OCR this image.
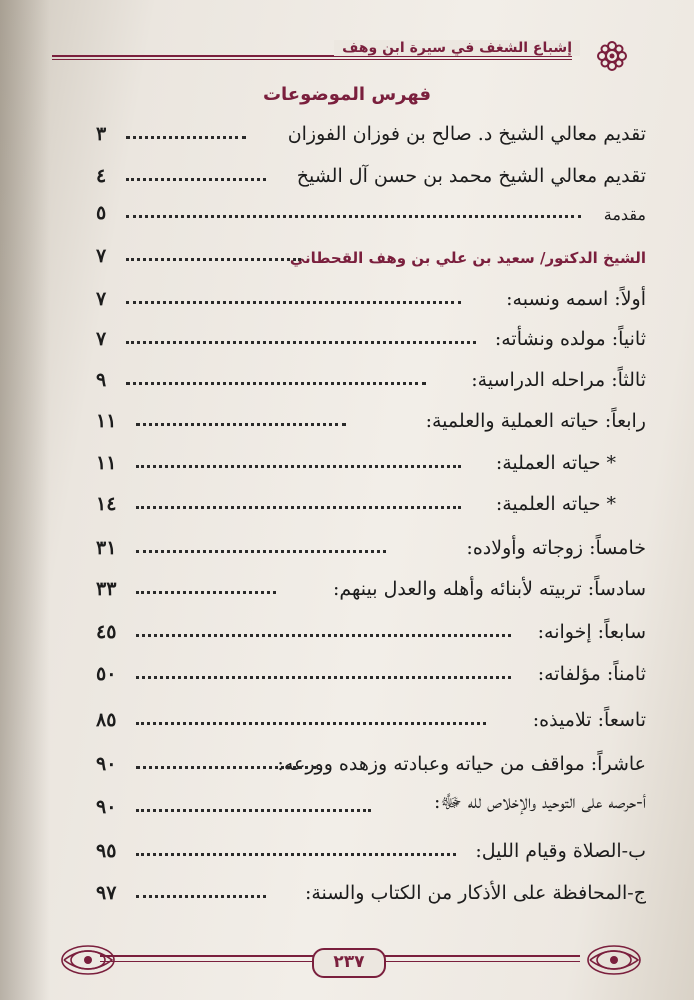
إشباع الشغف في سيرة ابن وهف
فهرس الموضوعات
تقديم معالي الشيخ د. صالح بن فوزان الفوزان
٣
تقديم معالي الشيخ محمد بن حسن آل الشيخ
٤
مقدمة
٥
الشيخ الدكتور/ سعيد بن علي بن وهف القحطاني
٧
أولاً: اسمه ونسبه:
٧
ثانياً: مولده ونشأته:
٧
ثالثاً: مراحله الدراسية:
٩
رابعاً: حياته العملية والعلمية:
١١
* حياته العملية:
١١
* حياته العلمية:
١٤
خامساً: زوجاته وأولاده:
٣١
سادساً: تربيته لأبنائه وأهله والعدل بينهم:
٣٣
سابعاً: إخوانه:
٤٥
ثامناً: مؤلفاته:
٥٠
تاسعاً: تلاميذه:
٨٥
عاشراً: مواقف من حياته وعبادته وزهده وورعه:
٩٠
أ-حرصه على التوحيد والإخلاص لله ﷻ:
٩٠
ب-الصلاة وقيام الليل:
٩٥
ج-المحافظة على الأذكار من الكتاب والسنة:
٩٧
٢٣٧
